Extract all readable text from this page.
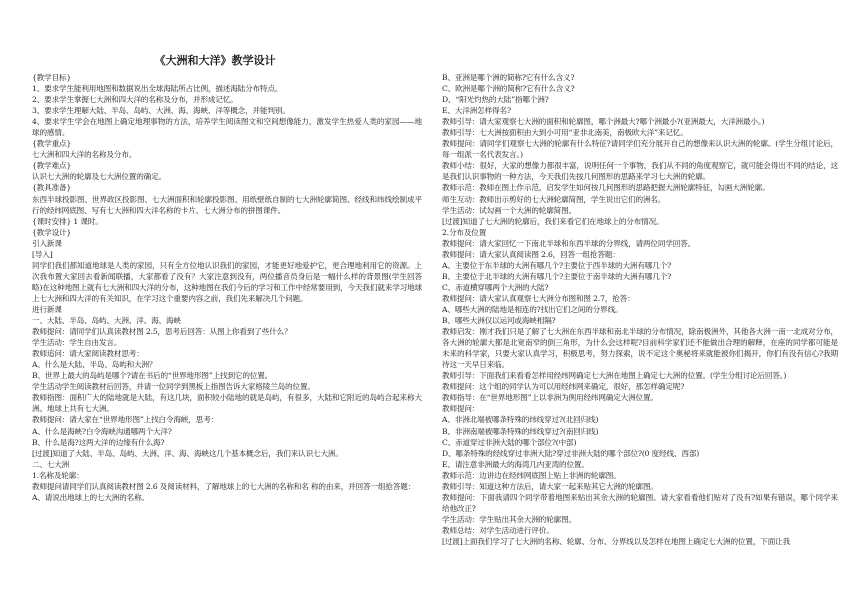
《大洲和大洋》教学设计
{教学目标}
1、要求学生能利用地图和数据说出全球海陆所占比例，描述海陆分布特点。
2、要求学生掌握七大洲和四大洋的名称及分布，并形成记忆。
3、要求学生理解大陆、半岛、岛屿、大洲、海、海峡、洋等概念，并能判别。
4、要求学生学会在地图上确定地理事物的方法，培养学生阅读图文和空间想像能力，激发学生热爱人类的家园——地球的感情。
{教学重点}
七大洲和四大洋的名称及分布。
{教学难点}
认识七大洲的轮廓及七大洲位置的确定。
{教具准备}
东西半球投影图、世界政区投影图、七大洲面积和轮廓投影图、用纸壁纸自制的七大洲轮廓简图、经线和纬线绘制成平行的经纬网底图、写有七大洲和四大洋名称的卡片、七大洲分布的拼图课件。
{课时安排} 1 课时。
{教学设计}
引入新课
[导入]
同学们我们都知道地球是人类的家园，只有全方位地认识我们的家园，才能更好地爱护它，更合理地利用它的资源。上次我布置大家回去看新闻联播，大家都看了没有？大家注意到没有，两位播音员身后是一幅什么样的背景图(学生回答略)在这种地图上就有七大洲和四大洋的分布，这种地图在我们今后的学习和工作中经常要用到，今天我们就来学习地球上七大洲和四大洋的有关知识，在学习这个重要内容之前，我们先来解决几个问题。
进行新课
一、大陆、半岛、岛屿、大洲、洋、海、海峡
教师提问：请同学们认真读教材图 2.5，思考后回答：从图上你看到了些什么？
学生活动：学生自由发言。
教师追问：请大家阅读教材思考：
A、什么是大陆、半岛、岛屿和大洲？
B、世界上最大的岛屿是哪个?请在书后的“世界地形图”上找到它的位置。
学生活动学生阅读教材后回答，并请一位同学到黑板上指图告诉大家格陵兰岛的位置。
教师指图：面积广大的陆地就是大陆，有这几块，面积较小陆地的就是岛屿，有很多，大陆和它附近的岛屿合起来称大洲。地球上共有七大洲。
教师提问：请大家在“世界地形图”上找白令海峡，思考：
A、什么是海峡?白令海峡沟通哪两个大洋?
B、什么是海?这两大洋的边缘有什么海?
[过渡]知道了大陆、半岛、岛屿、大洲、洋、海、海峡这几个基本概念后，我们来认识七大洲。
二、七大洲
1.名称及轮廓：
教师提问请同学们认真阅读教材图 2.6 及阅读材料，了解地球上的七大洲的名称和名 称的由来，并回答一组抢答题：
A、请说出地球上的七大洲的名称。
B、亚洲是哪个洲的简称?它有什么含义?
C、欧洲是哪个洲的简称?它有什么含义?
D、“阳光灼热的大陆”指哪个洲?
E、大洋洲怎样得名?
教师引导：请大家观察七大洲的面积和轮廓图，哪个洲最大?哪个洲最小?(亚洲最大，大洋洲最小。)
教师引导：七大洲按面积由大到小可用“亚非北南美，南极欧大洋”来记忆。
教师提问：请同学们观察七大洲的轮廓有什么特征?请同学们充分展开自己的想像来认识大洲的轮廓。(学生分组讨论后，每一组派一名代表发言。)
教师小结：很好，大家的想像力都很丰富，说明任何一个事物，我们从不同的角度观察它，就可能会得出不同的结论，这是我们认识事物的一种方法，今天我们先按几何图形的思路来学习七大洲的轮廓。
教师示范：教师在图上作示范，启发学生如何按几何图形的思路把握大洲轮廓特征，勾画大洲轮廓。
师生互动：教师出示剪好的七大洲轮廓简图，学生说出它们的洲名。
学生活动：试勾画一个大洲的轮廓简图。
[过渡]知道了七大洲的轮廓后，我们来看它们在地球上的分布情况。
2.分布及位置
教师提问：请大家回忆一下南北半球和东西半球的分界线，请两位同学回答。
教师提问：请大家认真阅读图 2.6，回答一组抢答题：
A、主要位于东半球的大洲有哪几个?主要位于西半球的大洲有哪几个?
B、主要位于北半球的大洲有哪几个?主要位于南半球的大洲有哪几个?
C、赤道横穿哪两个大洲的大陆?
教师提问：请大家认真观察七大洲分布图和图 2.7，抢答：
A、哪些大洲的陆地是相连的?找出它们之间的分界线。
B、哪些大洲仅以运河或海峡相隔?
教师启发：刚才我们只是了解了七大洲在东西半球和南北半球的分布情况，除南极洲外，其他各大洲一南一北成对分布，各大洲的轮廓大都是北宽南窄的倒三角形，为什么会这样呢?目前科学家们还不能做出合理的解释，在座的同学都可能是未来的科学家，只要大家认真学习，积极思考，努力探索，说不定这个奥秘将来就能被你们揭开，你们有没有信心?我期待这一天早日来临。
教师引导：下面我们来看看怎样用经纬网确定七大洲在地图上确定七大洲的位置。(学生分组讨论后回答。)
教师提问：这个组的同学认为可以用经纬网来确定，很好，那怎样确定呢?
教师指导：在“世界地形图”上以非洲为例用经纬网确定大洲位置。
教师提问：
A、非洲北端被哪条特殊的纬线穿过?(北回归线)
B、非洲南端被哪条特殊的纬线穿过?(南回归线)
C、赤道穿过非洲大陆的哪个部位?(中部)
D、哪条特殊的经线穿过非洲大陆?穿过非洲大陆的哪个部位?(0 度经线、西部)
E、请注意非洲最大的海湾几内亚湾的位置。
教师示范：边讲边在经纬网底图上贴上非洲的轮廓图。
教师引导：知道这种方法后，请大家一起来贴其它大洲的轮廓图。
教师提问：下面我请四个同学带着地图来贴出其余大洲的轮廓图。请大家看看他们贴对了没有?如果有错误，哪个同学来给他改正?
学生活动：学生贴出其余大洲的轮廓图。
教师总结：对学生活动进行评价。
[过渡]上面我们学习了七大洲的名称、轮廓、分布、分界线以及怎样在地图上确定七大洲的位置，下面让我
